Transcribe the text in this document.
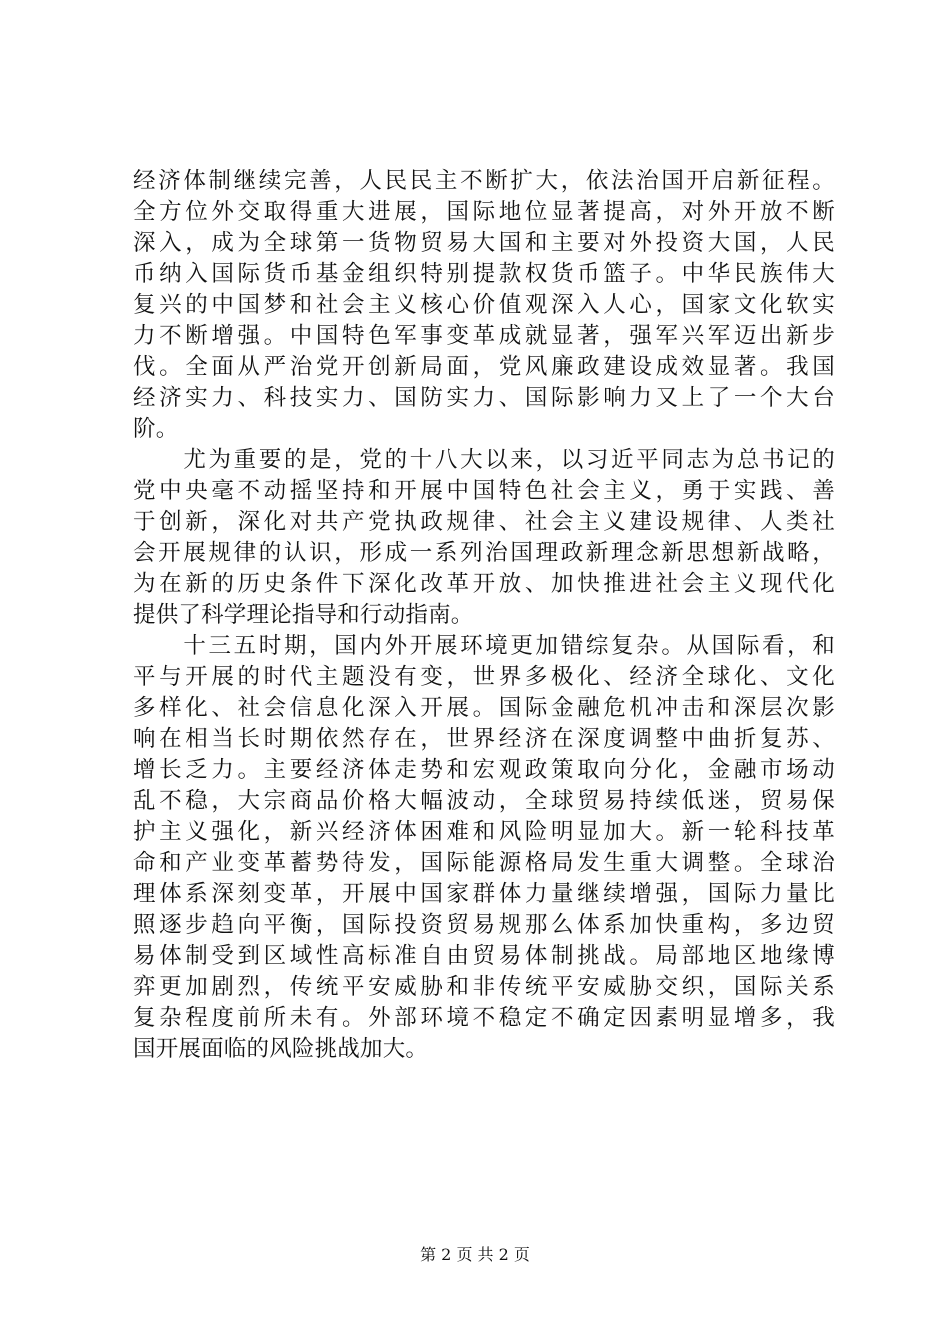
经济体制继续完善，人民民主不断扩大，依法治国开启新征程。
全方位外交取得重大进展，国际地位显著提高，对外开放不断
深入，成为全球第一货物贸易大国和主要对外投资大国，人民
币纳入国际货币基金组织特别提款权货币篮子。中华民族伟大
复兴的中国梦和社会主义核心价值观深入人心，国家文化软实
力不断增强。中国特色军事变革成就显著，强军兴军迈出新步
伐。全面从严治党开创新局面，党风廉政建设成效显著。我国
经济实力、科技实力、国防实力、国际影响力又上了一个大台
阶。
　　尤为重要的是，党的十八大以来，以习近平同志为总书记的
党中央毫不动摇坚持和开展中国特色社会主义，勇于实践、善
于创新，深化对共产党执政规律、社会主义建设规律、人类社
会开展规律的认识，形成一系列治国理政新理念新思想新战略，
为在新的历史条件下深化改革开放、加快推进社会主义现代化
提供了科学理论指导和行动指南。
　　十三五时期，国内外开展环境更加错综复杂。从国际看，和
平与开展的时代主题没有变，世界多极化、经济全球化、文化
多样化、社会信息化深入开展。国际金融危机冲击和深层次影
响在相当长时期依然存在，世界经济在深度调整中曲折复苏、
增长乏力。主要经济体走势和宏观政策取向分化，金融市场动
乱不稳，大宗商品价格大幅波动，全球贸易持续低迷，贸易保
护主义强化，新兴经济体困难和风险明显加大。新一轮科技革
命和产业变革蓄势待发，国际能源格局发生重大调整。全球治
理体系深刻变革，开展中国家群体力量继续增强，国际力量比
照逐步趋向平衡，国际投资贸易规那么体系加快重构，多边贸
易体制受到区域性高标准自由贸易体制挑战。局部地区地缘博
弈更加剧烈，传统平安威胁和非传统平安威胁交织，国际关系
复杂程度前所未有。外部环境不稳定不确定因素明显增多，我
国开展面临的风险挑战加大。
第 2 页 共 2 页
